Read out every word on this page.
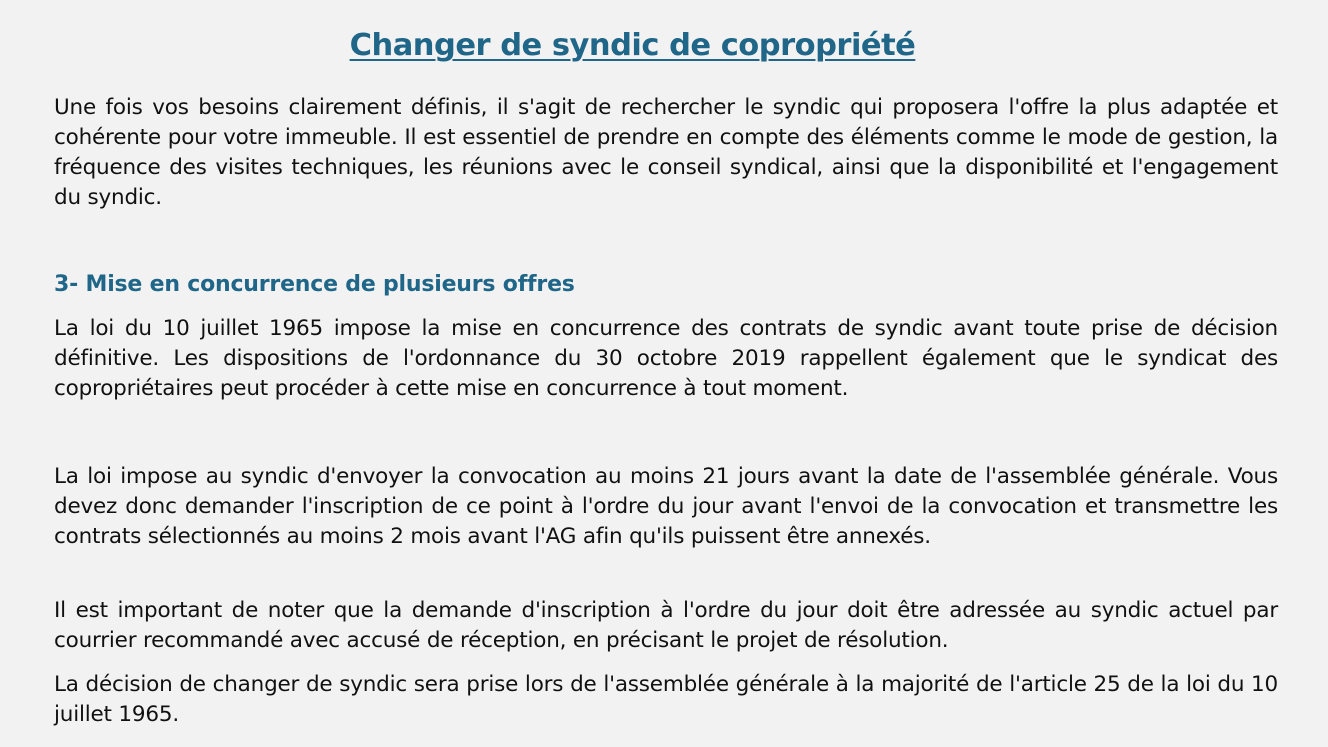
Changer de syndic de copropriété

Une fois vos besoins clairement définis, il s'agit de rechercher le syndic qui proposera l'offre la plus adaptée et cohérente pour votre immeuble. Il est essentiel de prendre en compte des éléments comme le mode de gestion, la fréquence des visites techniques, les réunions avec le conseil syndical, ainsi que la disponibilité et l'engagement du syndic.

3- Mise en concurrence de plusieurs offres

La loi du 10 juillet 1965 impose la mise en concurrence des contrats de syndic avant toute prise de décision définitive. Les dispositions de l'ordonnance du 30 octobre 2019 rappellent également que le syndicat des copropriétaires peut procéder à cette mise en concurrence à tout moment.

La loi impose au syndic d'envoyer la convocation au moins 21 jours avant la date de l'assemblée générale. Vous devez donc demander l'inscription de ce point à l'ordre du jour avant l'envoi de la convocation et transmettre les contrats sélectionnés au moins 2 mois avant l'AG afin qu'ils puissent être annexés.

Il est important de noter que la demande d'inscription à l'ordre du jour doit être adressée au syndic actuel par courrier recommandé avec accusé de réception, en précisant le projet de résolution.

La décision de changer de syndic sera prise lors de l'assemblée générale à la majorité de l'article 25 de la loi du 10 juillet 1965.
